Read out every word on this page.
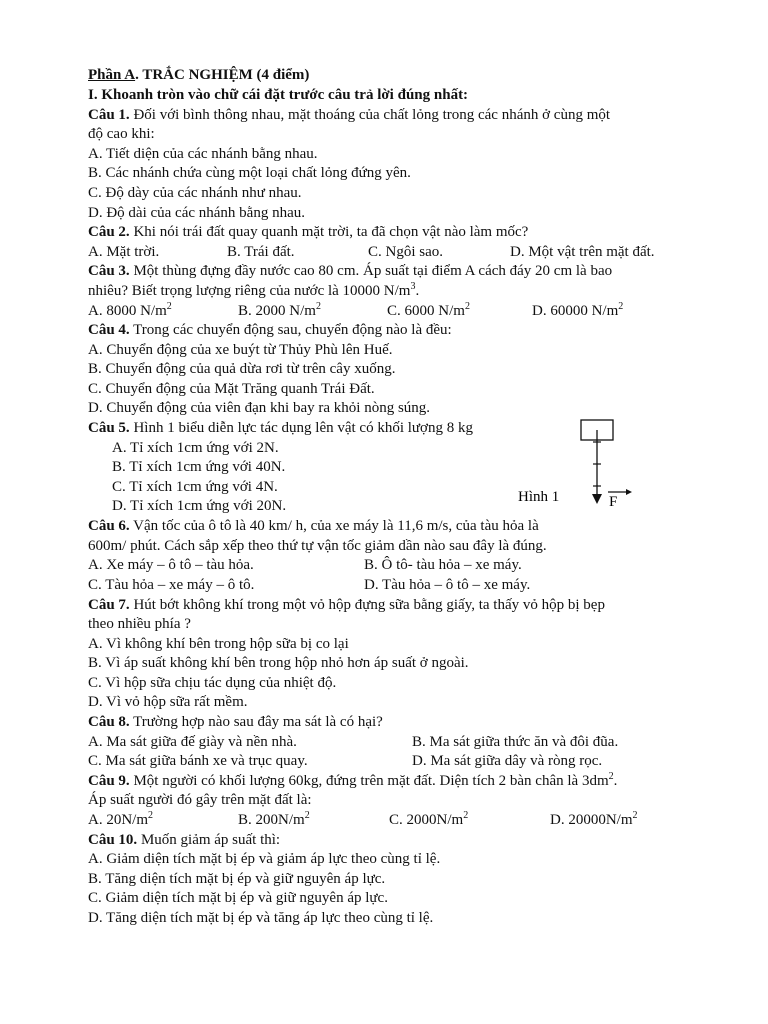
Phần A. TRẮC NGHIỆM (4 điểm)
I. Khoanh tròn vào chữ cái đặt trước câu trả lời đúng nhất:
Câu 1. Đối với bình thông nhau, mặt thoáng của chất lỏng trong các nhánh ở cùng một
độ cao khi:
A. Tiết diện của các nhánh bằng nhau.
B. Các nhánh chứa cùng một loại chất lỏng đứng yên.
C. Độ dày của các nhánh như nhau.
D. Độ dài của các nhánh bằng nhau.
Câu 2. Khi nói trái đất quay quanh mặt trời, ta đã chọn vật nào làm mốc?
A. Mặt trời.	B. Trái đất.	C. Ngôi sao.	D. Một vật trên mặt đất.
Câu 3. Một thùng đựng đầy nước cao 80 cm. Áp suất tại điểm A cách đáy 20 cm là bao
nhiêu? Biết trọng lượng riêng của nước là 10000 $N/m^3$.
A. 8000 $N/m^2$	B. 2000 $N/m^2$	C. 6000 $N/m^2$	D. 60000 $N/m^2$
Câu 4. Trong các chuyển động sau, chuyển động nào là đều:
A. Chuyển động của xe buýt từ Thủy Phù lên Huế.
B. Chuyển động của quả dừa rơi từ trên cây xuống.
C. Chuyển động của Mặt Trăng quanh Trái Đất.
D. Chuyển động của viên đạn khi bay ra khỏi nòng súng.
Câu 5. Hình 1 biểu diễn lực tác dụng lên vật có khối lượng 8 kg
A. Tỉ xích 1cm ứng với 2N.
B. Tỉ xích 1cm ứng với 40N.
C. Tỉ xích 1cm ứng với 4N.
D. Tỉ xích 1cm ứng với 20N.
Câu 6. Vận tốc của ô tô là 40 km/ h, của xe máy là 11,6 m/s, của tàu hỏa là
600m/ phút. Cách sắp xếp theo thứ tự vận tốc giảm dần nào sau đây là đúng.
A. Xe máy – ô tô – tàu hỏa.	B. Ô tô- tàu hỏa – xe máy.
C. Tàu hỏa – xe máy – ô tô.	D. Tàu hỏa – ô tô – xe máy.
Câu 7. Hút bớt không khí trong một vỏ hộp đựng sữa bằng giấy, ta thấy vỏ hộp bị bẹp
theo nhiều phía ?
A. Vì không khí bên trong hộp sữa bị co lại
B. Vì áp suất không khí bên trong hộp nhỏ hơn áp suất ở ngoài.
C. Vì hộp sữa chịu tác dụng của nhiệt độ.
D. Vì vỏ hộp sữa rất mềm.
Câu 8. Trường hợp nào sau đây ma sát là có hại?
A. Ma sát giữa đế giày và nền nhà.	B. Ma sát giữa thức ăn và đôi đũa.
C. Ma sát giữa bánh xe và trục quay.	D. Ma sát giữa dây và ròng rọc.
Câu 9. Một người có khối lượng 60kg, đứng trên mặt đất. Diện tích 2 bàn chân là $3dm^2$.
Áp suất người đó gây trên mặt đất là:
A. $20N/m^2$	B. $200N/m^2$	C. $2000N/m^2$	D. $20000N/m^2$
Câu 10. Muốn giảm áp suất thì:
A. Giảm diện tích mặt bị ép và giảm áp lực theo cùng tỉ lệ.
B. Tăng diện tích mặt bị ép và giữ nguyên áp lực.
C. Giảm diện tích mặt bị ép và giữ nguyên áp lực.
D. Tăng diện tích mặt bị ép và tăng áp lực theo cùng tỉ lệ.
Hình 1	F
